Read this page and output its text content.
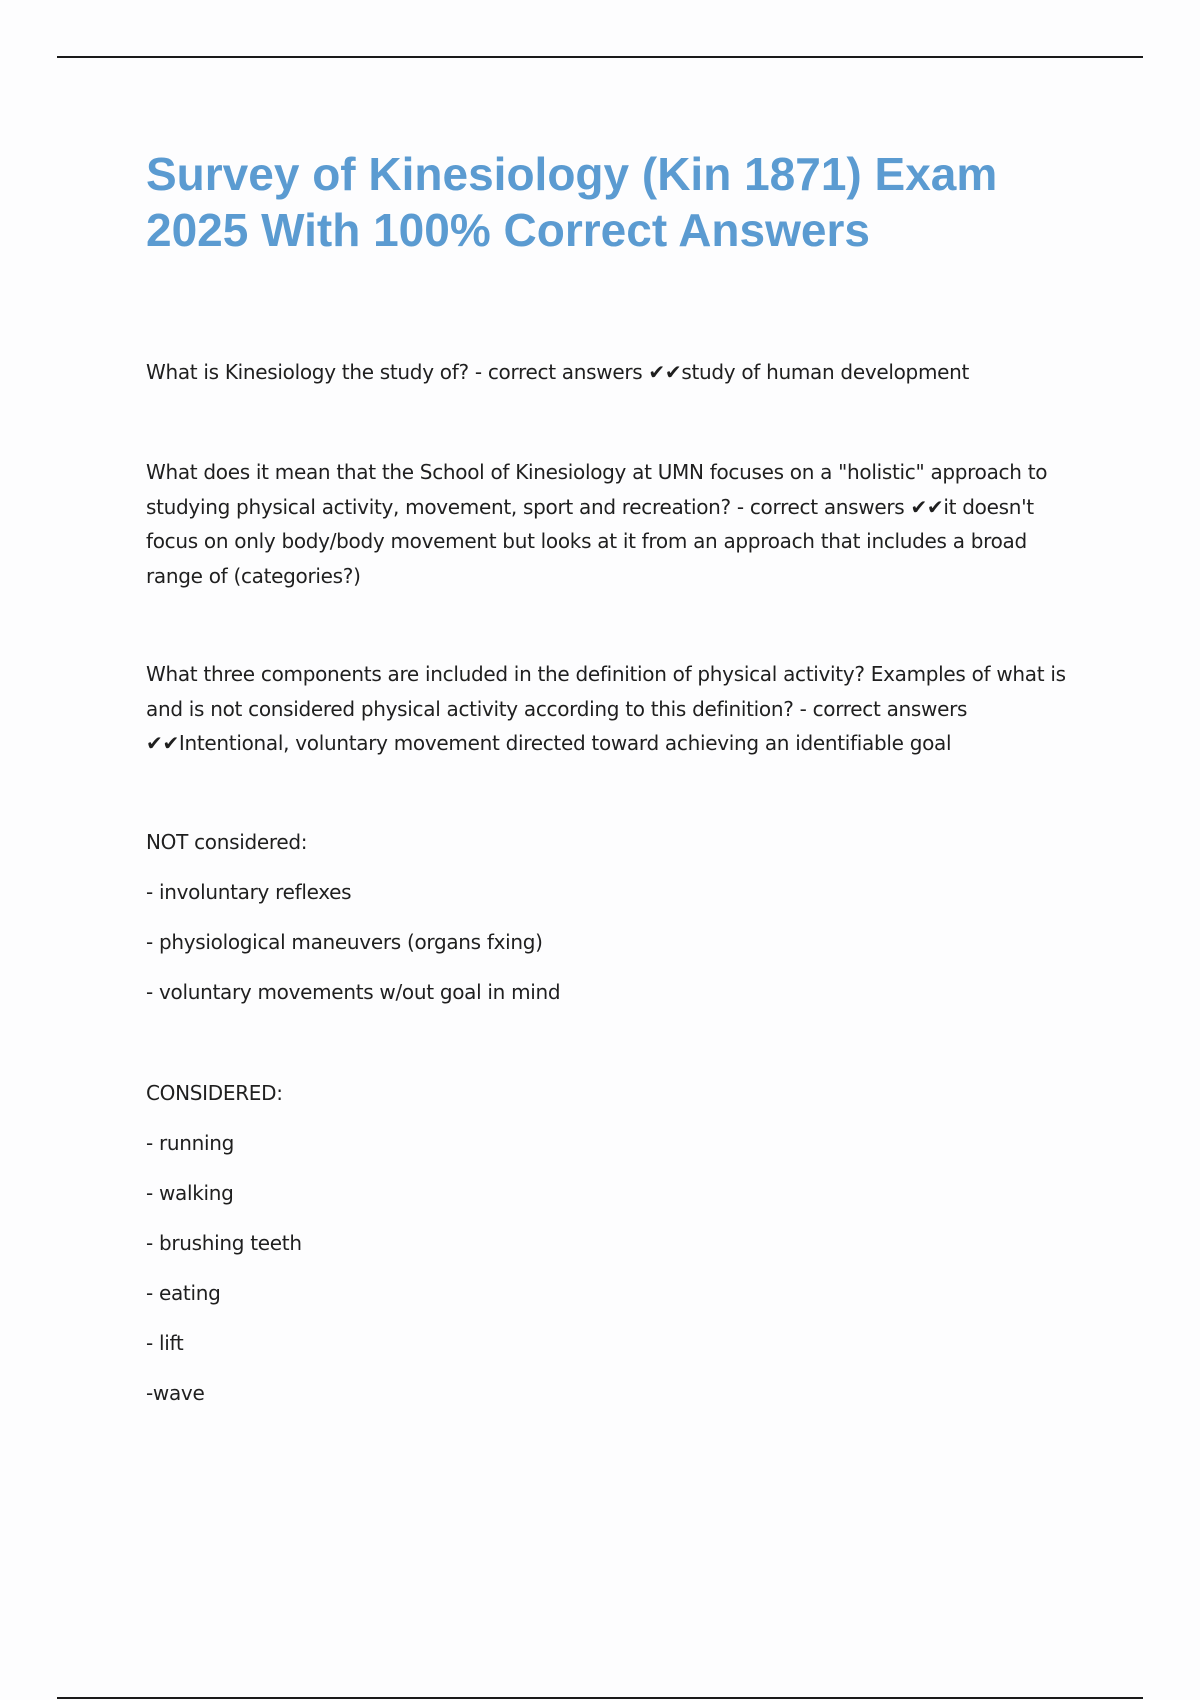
Survey of Kinesiology (Kin 1871) Exam 2025 With 100% Correct Answers

What is Kinesiology the study of? - correct answers ✔✔study of human development

What does it mean that the School of Kinesiology at UMN focuses on a "holistic" approach to studying physical activity, movement, sport and recreation? - correct answers ✔✔it doesn't focus on only body/body movement but looks at it from an approach that includes a broad range of (categories?)

What three components are included in the definition of physical activity? Examples of what is and is not considered physical activity according to this definition? - correct answers ✔✔Intentional, voluntary movement directed toward achieving an identifiable goal

NOT considered:
- involuntary reflexes
- physiological maneuvers (organs fxing)
- voluntary movements w/out goal in mind
CONSIDERED:
- running
- walking
- brushing teeth
- eating
- lift
-wave
